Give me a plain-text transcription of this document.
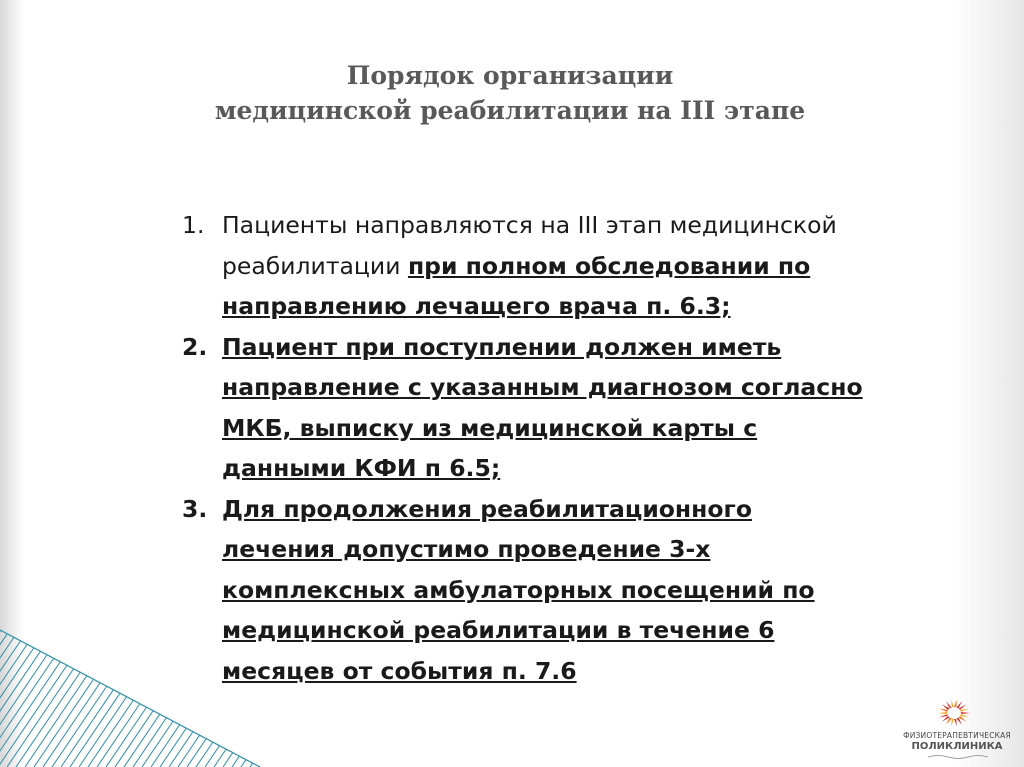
Порядок организации
медицинской реабилитации на III этапе
1. Пациенты направляются на III этап медицинской реабилитации при полном обследовании по направлению лечащего врача п. 6.3;
2. Пациент при поступлении должен иметь направление с указанным диагнозом согласно МКБ, выписку из медицинской карты с данными КФИ п 6.5;
3. Для продолжения реабилитационного лечения допустимо проведение 3-х комплексных амбулаторных посещений по медицинской реабилитации в течение 6 месяцев от события п. 7.6
ФИЗИОТЕРАПЕВТИЧЕСКАЯ
ПОЛИКЛИНИКА
